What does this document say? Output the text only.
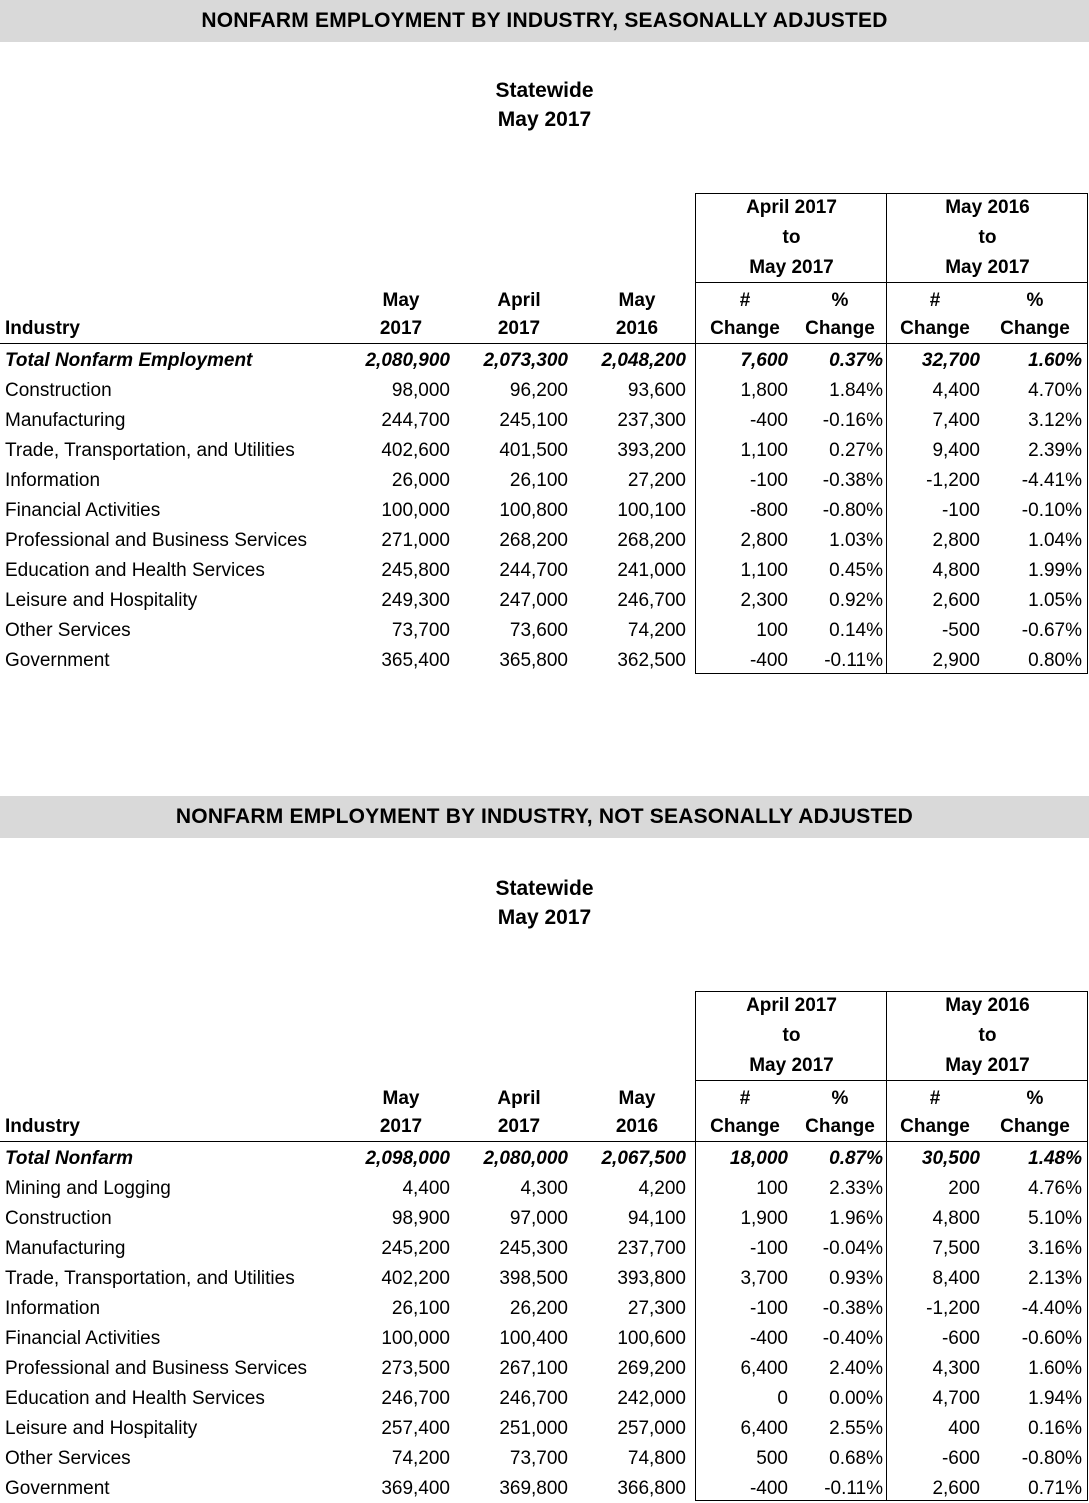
NONFARM EMPLOYMENT BY INDUSTRY, SEASONALLY ADJUSTED
Statewide
May 2017
April 2017
to
May 2017
May 2016
to
May 2017
Industry
May
2017
April
2017
May
2016
#
Change
%
Change
#
Change
%
Change
Total Nonfarm Employment	2,080,900 2,073,300 2,048,200	7,600 0.37% 32,700	1.60%
Construction	98,000	96,200	93,600	1,800 1.84%	4,400	4.70%
Manufacturing	244,700	245,100	237,300	-400 -0.16%	7,400	3.12%
Trade, Transportation, and Utilities	402,600	401,500	393,200	1,100 0.27%	9,400	2.39%
Information	26,000	26,100	27,200	-100 -0.38% -1,200 -4.41%
Financial Activities	100,000	100,800	100,100	-800 -0.80%	-100 -0.10%
Professional and Business Services	271,000	268,200	268,200	2,800 1.03%	2,800	1.04%
Education and Health Services	245,800	244,700	241,000	1,100 0.45%	4,800	1.99%
Leisure and Hospitality	249,300	247,000	246,700	2,300 0.92%	2,600	1.05%
Other Services	73,700	73,600	74,200	100 0.14%	-500 -0.67%
Government	365,400	365,800	362,500	-400 -0.11%	2,900	0.80%
NONFARM EMPLOYMENT BY INDUSTRY, NOT SEASONALLY ADJUSTED
Statewide
May 2017
April 2017
to
May 2017
May 2016
to
May 2017
Industry
May
2017
April
2017
May
2016
#
Change
%
Change
#
Change
%
Change
Total Nonfarm	2,098,000 2,080,000 2,067,500 18,000 0.87% 30,500	1.48%
Mining and Logging	4,400	4,300	4,200	100 2.33%	200	4.76%
Construction	98,900	97,000	94,100	1,900 1.96%	4,800	5.10%
Manufacturing	245,200	245,300	237,700	-100 -0.04%	7,500	3.16%
Trade, Transportation, and Utilities	402,200	398,500	393,800	3,700 0.93%	8,400	2.13%
Information	26,100	26,200	27,300	-100 -0.38% -1,200 -4.40%
Financial Activities	100,000	100,400	100,600	-400 -0.40%	-600 -0.60%
Professional and Business Services	273,500	267,100	269,200	6,400 2.40%	4,300	1.60%
Education and Health Services	246,700	246,700	242,000	0 0.00%	4,700	1.94%
Leisure and Hospitality	257,400	251,000	257,000	6,400 2.55%	400	0.16%
Other Services	74,200	73,700	74,800	500 0.68%	-600 -0.80%
Government	369,400	369,800	366,800	-400 -0.11%	2,600	0.71%
